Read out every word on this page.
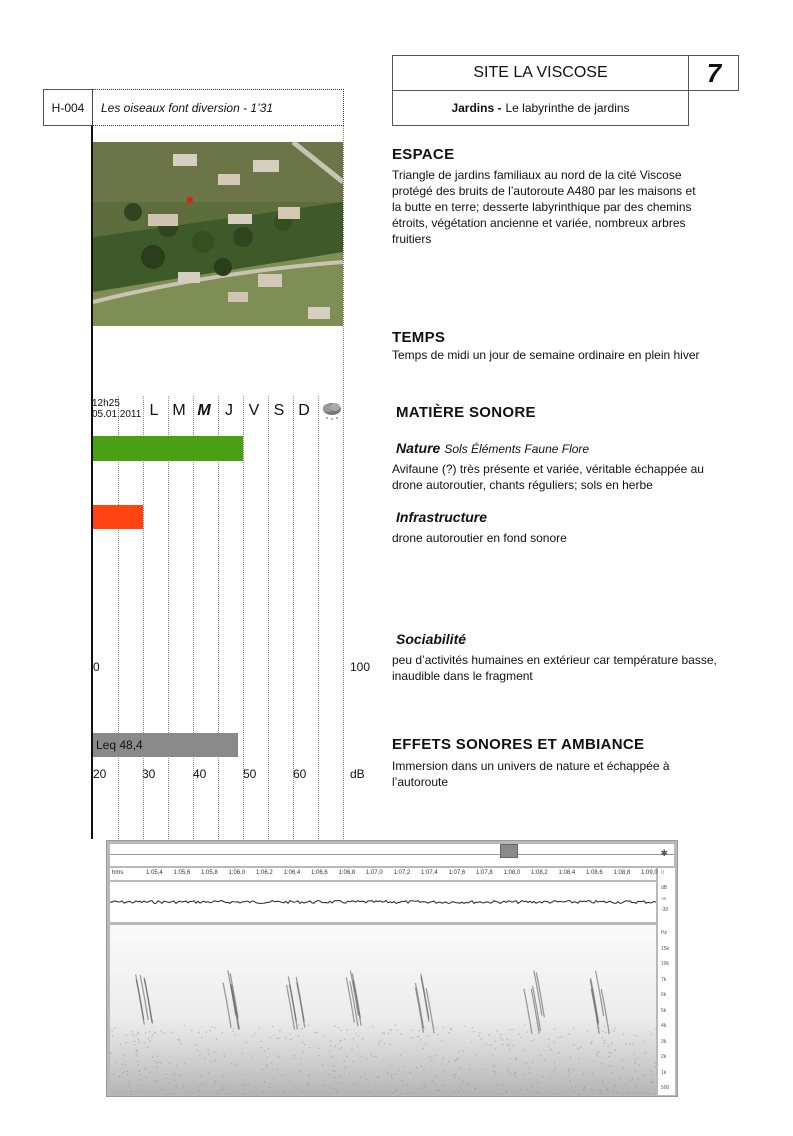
SITE LA VISCOSE	7
Jardins - Le labyrinthe de jardins
H-004	Les oiseaux font diversion - 1’31
12h25
05.01.2011 L M M J V S D
Leq 48,4
0	100
20	30	40	50	60	dB
ESPACE
Triangle de jardins familiaux au nord de la cité Viscose protégé des bruits de l’autoroute A480 par les maisons et la butte en terre; desserte labyrinthique par des chemins étroits, végétation ancienne et variée, nombreux arbres fruitiers
TEMPS
Temps de midi un jour de semaine ordinaire en plein hiver
MATIÈRE SONORE
Nature Sols Éléments Faune Flore
Avifaune (?) très présente et variée, véritable échappée au drone autoroutier, chants réguliers; sols en herbe
Infrastructure
drone autoroutier en fond sonore
Sociabilité
peu d’activités humaines en extérieur car température basse, inaudible dans le fragment
EFFETS SONORES ET AMBIANCE
Immersion dans un univers de nature et échappée à l’autoroute
✱
hms	1:05,4 1:05,6 1:05,8 1:06,0 1:06,2 1:06,4 1:06,6 1:06,8 1:07,0 1:07,2 1:07,4 1:07,6 1:07,8 1:08,0 1:08,2 1:08,4 1:08,6 1:08,8 1:09,0 ∩
dB
-∞
-30
Hz
15k
10k
7k
6k
5k
4k
3k
2k
1k
500
